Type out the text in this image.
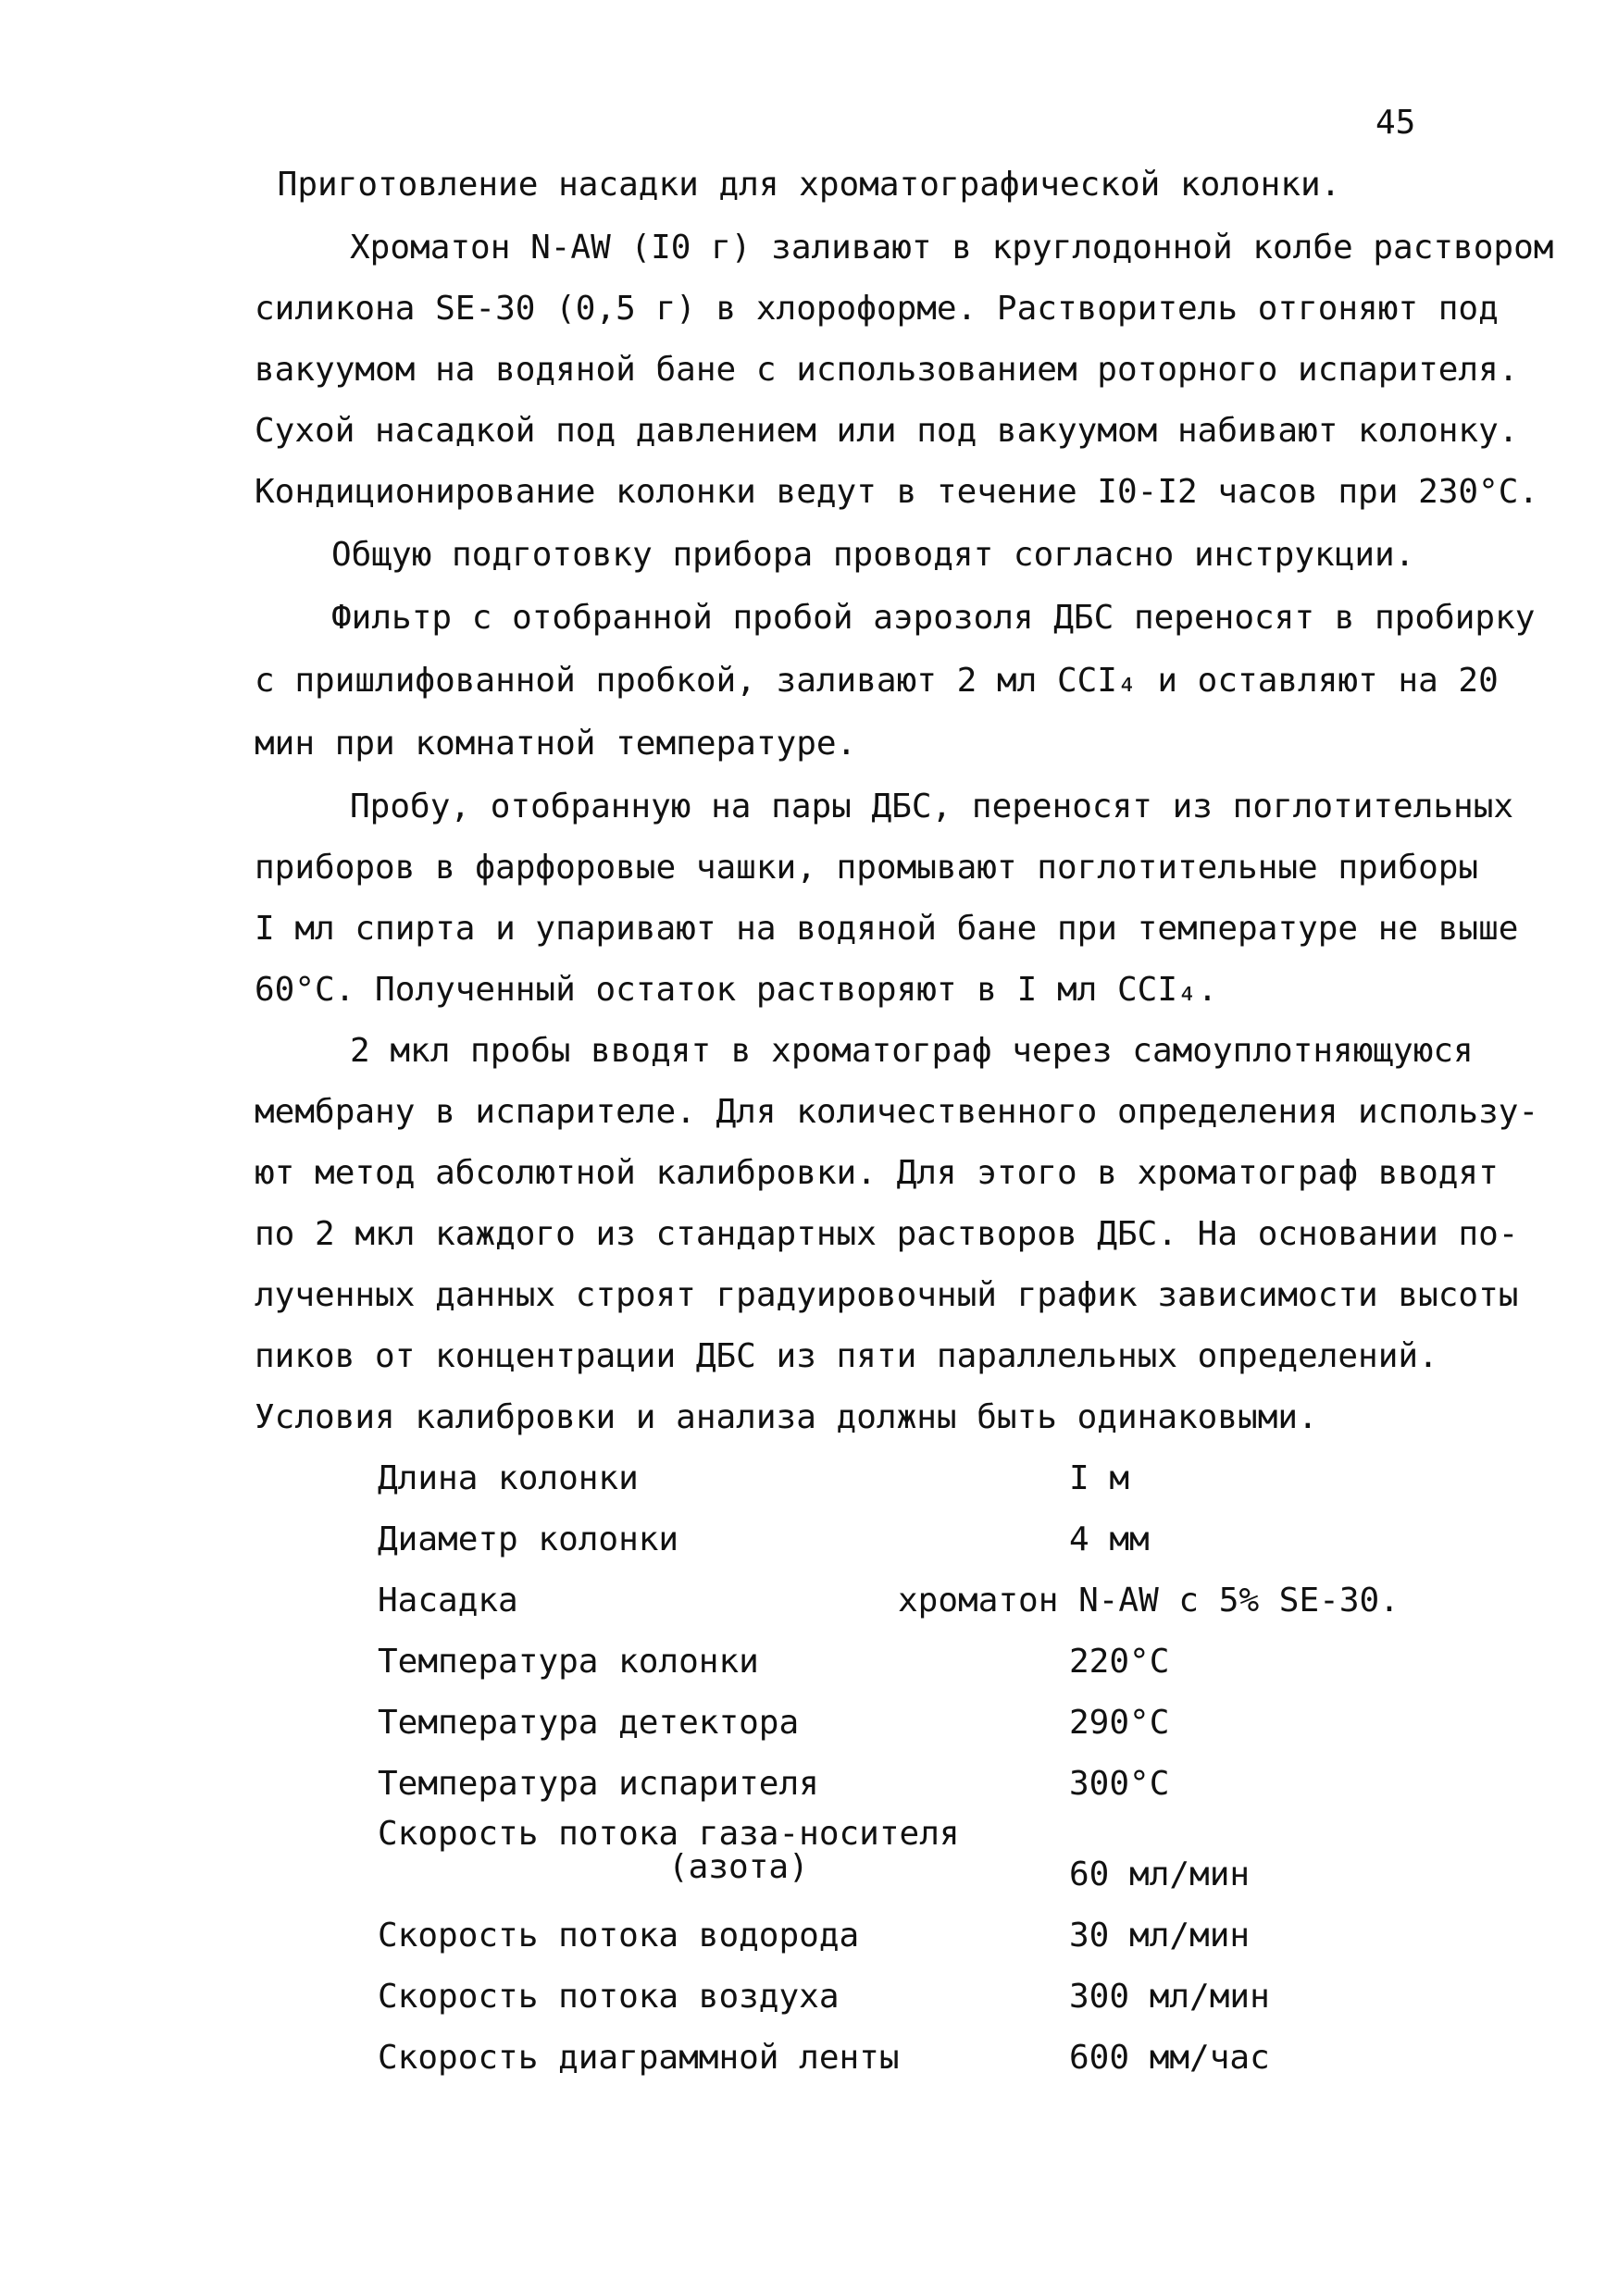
45
Приготовление насадки для хроматографической колонки.
Хроматон N-AW (I0 г) заливают в круглодонной колбе раствором
силикона SE-30 (0,5 г) в хлороформе. Растворитель отгоняют под
вакуумом на водяной бане с использованием роторного испарителя.
Сухой насадкой под давлением или под вакуумом набивают колонку.
Кондиционирование колонки ведут в течение I0-I2 часов при 230°С.
Общую подготовку прибора проводят согласно инструкции.
Фильтр с отобранной пробой аэрозоля ДБС переносят в пробирку
с пришлифованной пробкой, заливают 2 мл CCI₄ и оставляют на 20
мин при комнатной температуре.
Пробу, отобранную на пары ДБС, переносят из поглотительных
приборов в фарфоровые чашки, промывают поглотительные приборы
I мл спирта и упаривают на водяной бане при температуре не выше
60°С. Полученный остаток растворяют в I мл CCI₄.
2 мкл пробы вводят в хроматограф через самоуплотняющуюся
мембрану в испарителе. Для количественного определения использу-
ют метод абсолютной калибровки. Для этого в хроматограф вводят
по 2 мкл каждого из стандартных растворов ДБС. На основании по-
лученных данных строят градуировочный график зависимости высоты
пиков от концентрации ДБС из пяти параллельных определений.
Условия калибровки и анализа должны быть одинаковыми.
Длина колонки	I м
Диаметр колонки	4 мм
Насадка	хроматон N-AW с 5% SE-30.
Температура колонки	220°С
Температура детектора	290°С
Температура испарителя	300°С
Скорость потока газа-носителя
(азота)	60 мл/мин
Скорость потока водорода	30 мл/мин
Скорость потока воздуха	300 мл/мин
Скорость диаграммной ленты	600 мм/час
